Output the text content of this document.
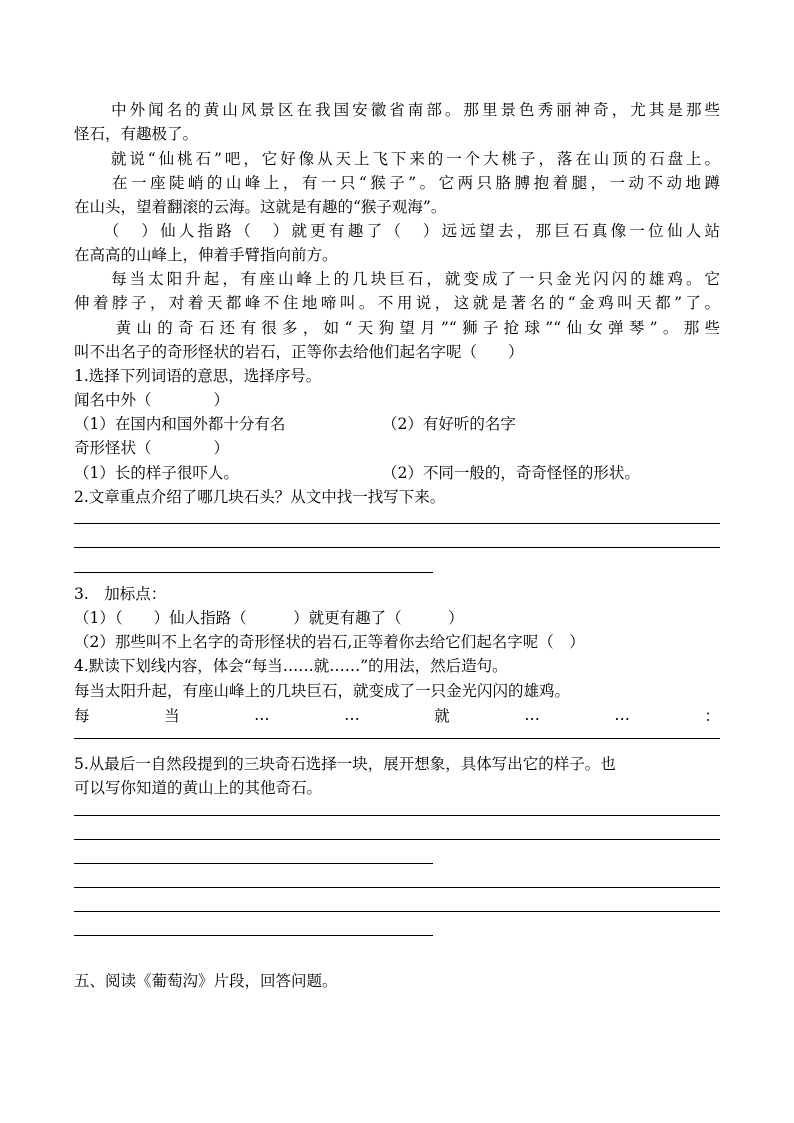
　　中外闻名的黄山风景区在我国安徽省南部。那里景色秀丽神奇，尤其是那些
怪石，有趣极了。
　　就说“仙桃石”吧，它好像从天上飞下来的一个大桃子，落在山顶的石盘上。
　　在一座陡峭的山峰上，有一只“猴子”。它两只胳膊抱着腿，一动不动地蹲
在山头，望着翻滚的云海。这就是有趣的“猴子观海”。
　　（　）仙人指路（　）就更有趣了（　）远远望去，那巨石真像一位仙人站
在高高的山峰上，伸着手臂指向前方。
　　每当太阳升起，有座山峰上的几块巨石，就变成了一只金光闪闪的雄鸡。它
伸着脖子，对着天都峰不住地啼叫。不用说，这就是著名的“金鸡叫天都”了。
　　黄山的奇石还有很多，如“天狗望月”“狮子抢球”“仙女弹琴”。那些
叫不出名子的奇形怪状的岩石，正等你去给他们起名字呢（　　）
1.选择下列词语的意思，选择序号。
闻名中外（　　　　）
（1）在国内和国外都十分有名	（2）有好听的名字
奇形怪状（　　　　）
（1）长的样子很吓人。	（2）不同一般的，奇奇怪怪的形状。
2.文章重点介绍了哪几块石头？从文中找一找写下来。
3.　加标点：
（1）（　　）仙人指路（　　　）就更有趣了（　　　）
（2）那些叫不上名字的奇形怪状的岩石,正等着你去给它们起名字呢（　）
4.默读下划线内容，体会“每当……就……”的用法，然后造句。
每当太阳升起，有座山峰上的几块巨石，就变成了一只金光闪闪的雄鸡。
每	当	…	…	就	…	…	：
5.从最后一自然段提到的三块奇石选择一块，展开想象，具体写出它的样子。也
可以写你知道的黄山上的其他奇石。
五、阅读《葡萄沟》片段，回答问题。
